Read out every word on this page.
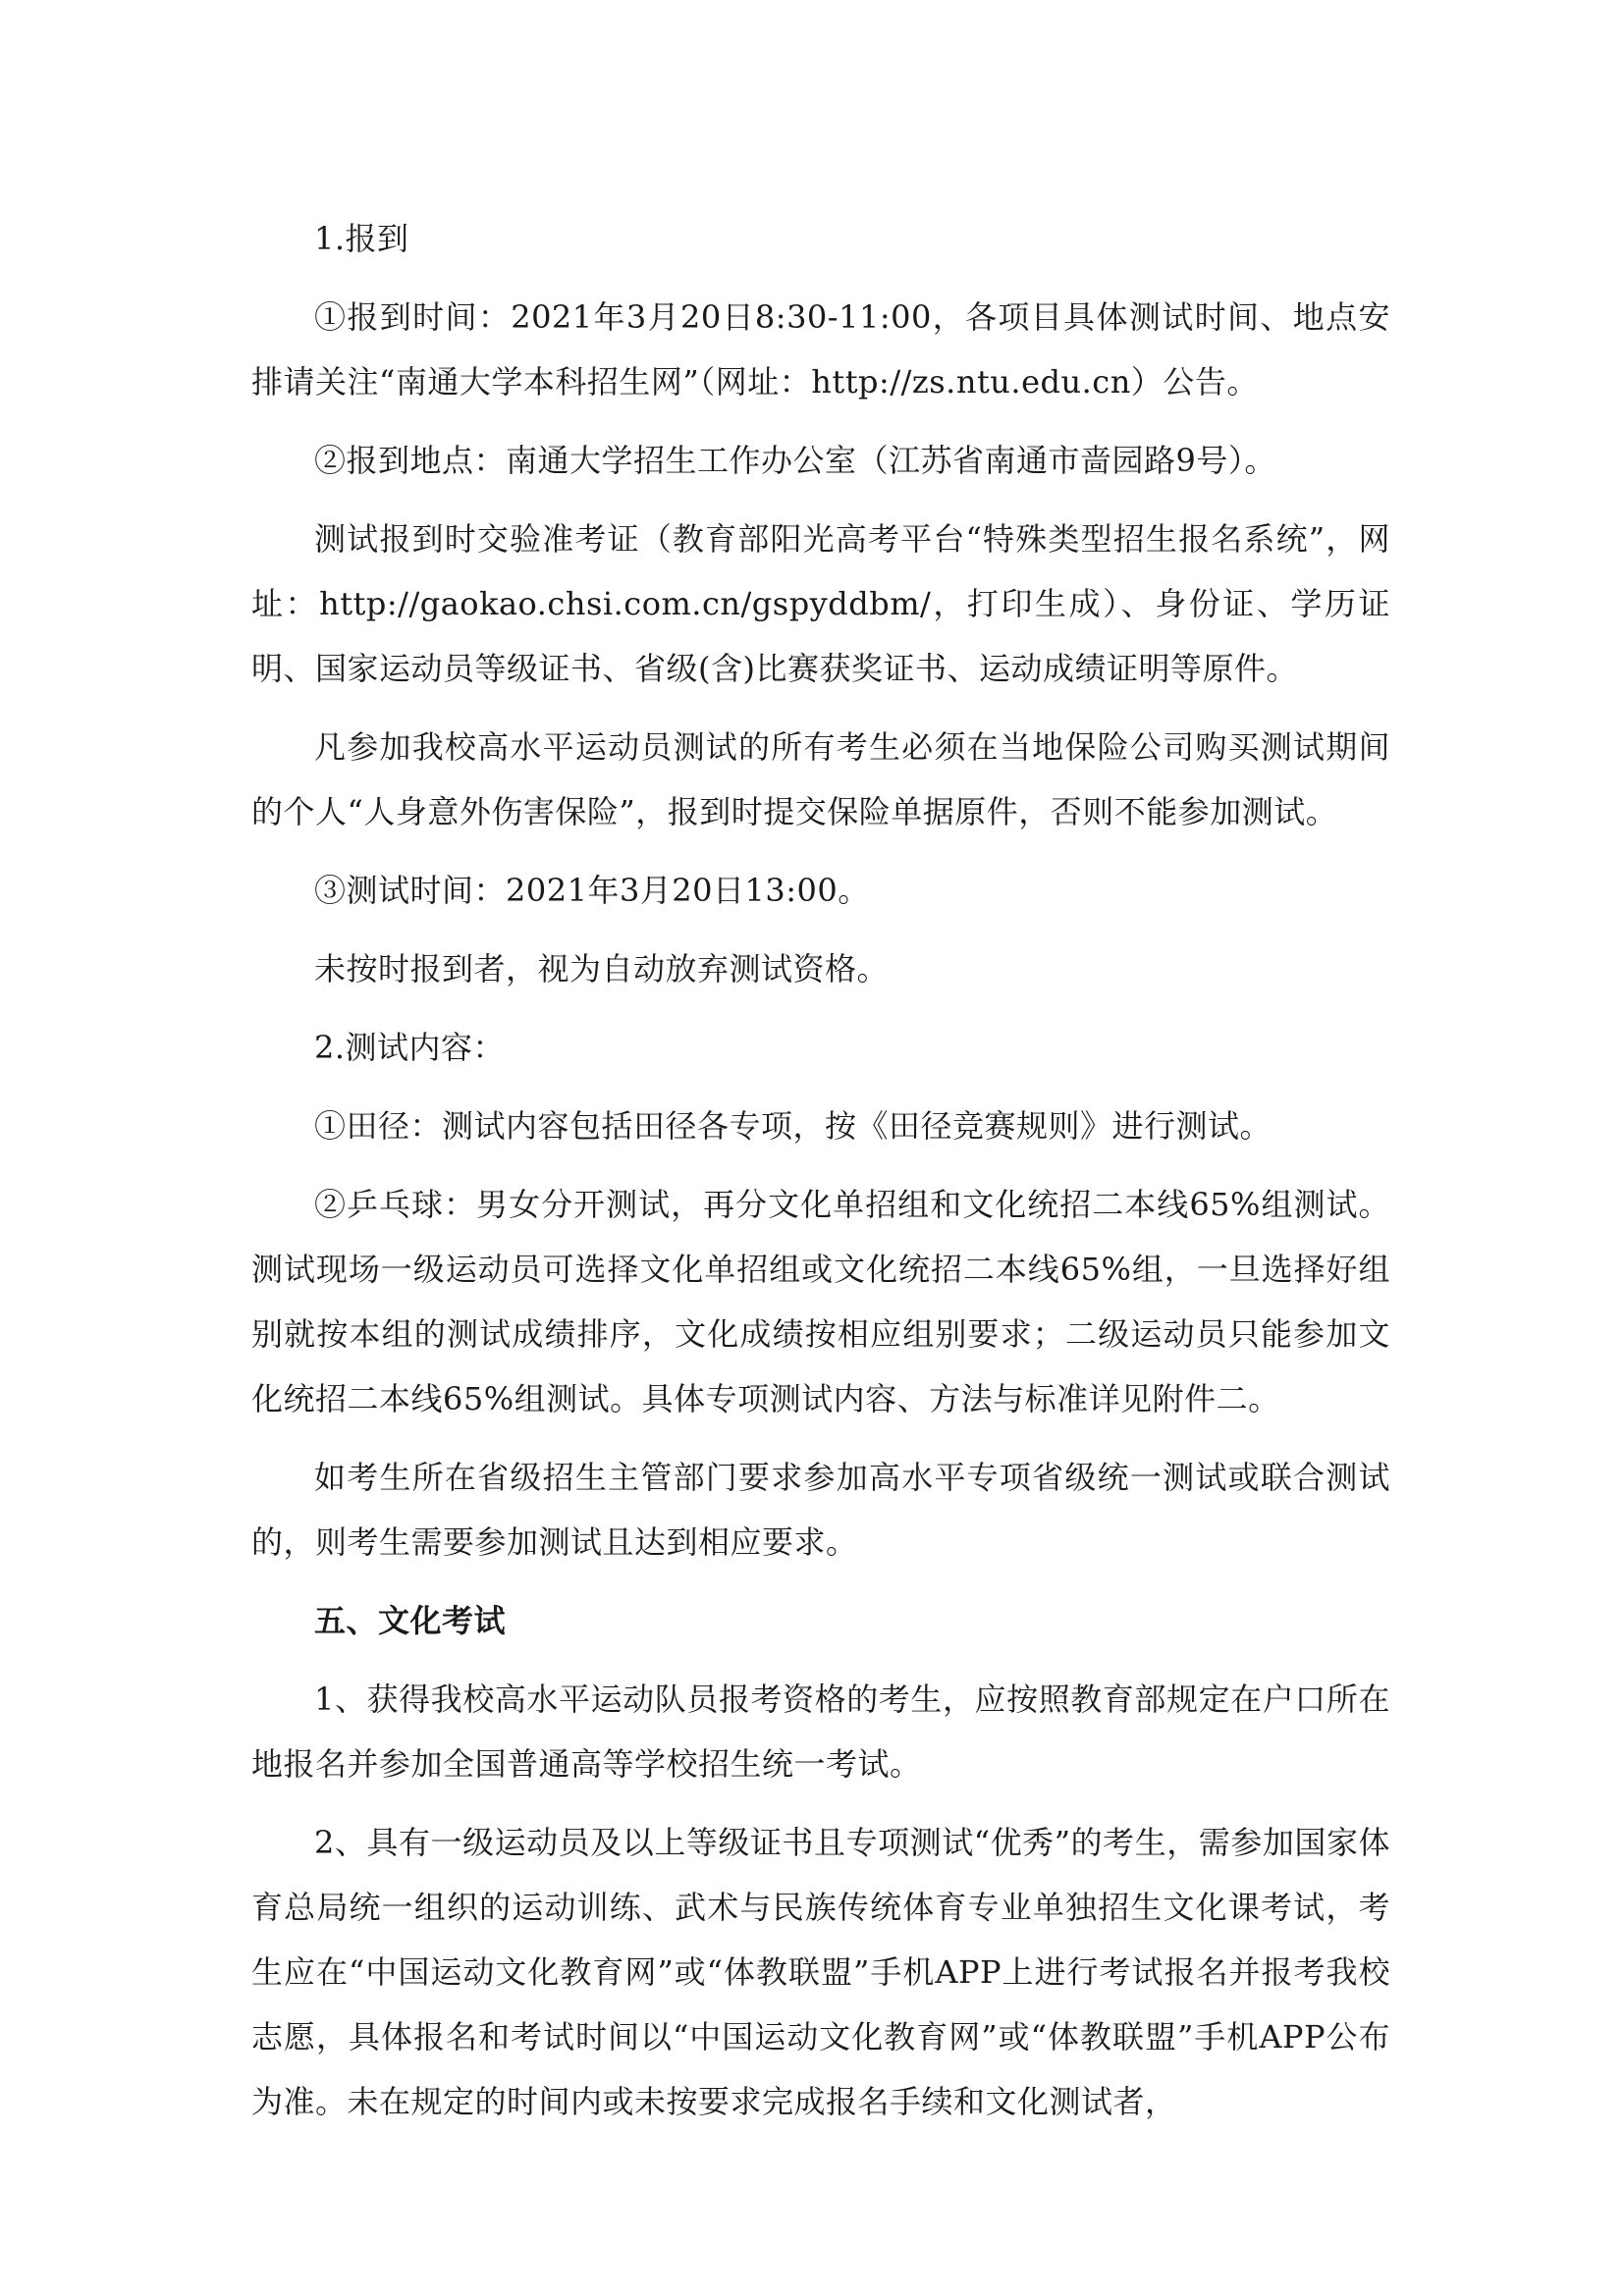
1.报到

①报到时间：2021年3月20日8:30-11:00，各项目具体测试时间、地点安排请关注“南通大学本科招生网”（网址：http://zs.ntu.edu.cn）公告。

②报到地点：南通大学招生工作办公室（江苏省南通市啬园路9号）。

测试报到时交验准考证（教育部阳光高考平台“特殊类型招生报名系统”，网址：http://gaokao.chsi.com.cn/gspyddbm/，打印生成）、身份证、学历证明、国家运动员等级证书、省级(含)比赛获奖证书、运动成绩证明等原件。

凡参加我校高水平运动员测试的所有考生必须在当地保险公司购买测试期间的个人“人身意外伤害保险”，报到时提交保险单据原件，否则不能参加测试。

③测试时间：2021年3月20日13:00。

未按时报到者，视为自动放弃测试资格。

2.测试内容：

①田径：测试内容包括田径各专项，按《田径竞赛规则》进行测试。

②乒乓球：男女分开测试，再分文化单招组和文化统招二本线65%组测试。测试现场一级运动员可选择文化单招组或文化统招二本线65%组，一旦选择好组别就按本组的测试成绩排序，文化成绩按相应组别要求；二级运动员只能参加文化统招二本线65%组测试。具体专项测试内容、方法与标准详见附件二。

如考生所在省级招生主管部门要求参加高水平专项省级统一测试或联合测试的，则考生需要参加测试且达到相应要求。

五、文化考试

1、获得我校高水平运动队员报考资格的考生，应按照教育部规定在户口所在地报名并参加全国普通高等学校招生统一考试。

2、具有一级运动员及以上等级证书且专项测试“优秀”的考生，需参加国家体育总局统一组织的运动训练、武术与民族传统体育专业单独招生文化课考试，考生应在“中国运动文化教育网”或“体教联盟”手机APP上进行考试报名并报考我校志愿，具体报名和考试时间以“中国运动文化教育网”或“体教联盟”手机APP公布为准。未在规定的时间内或未按要求完成报名手续和文化测试者，
